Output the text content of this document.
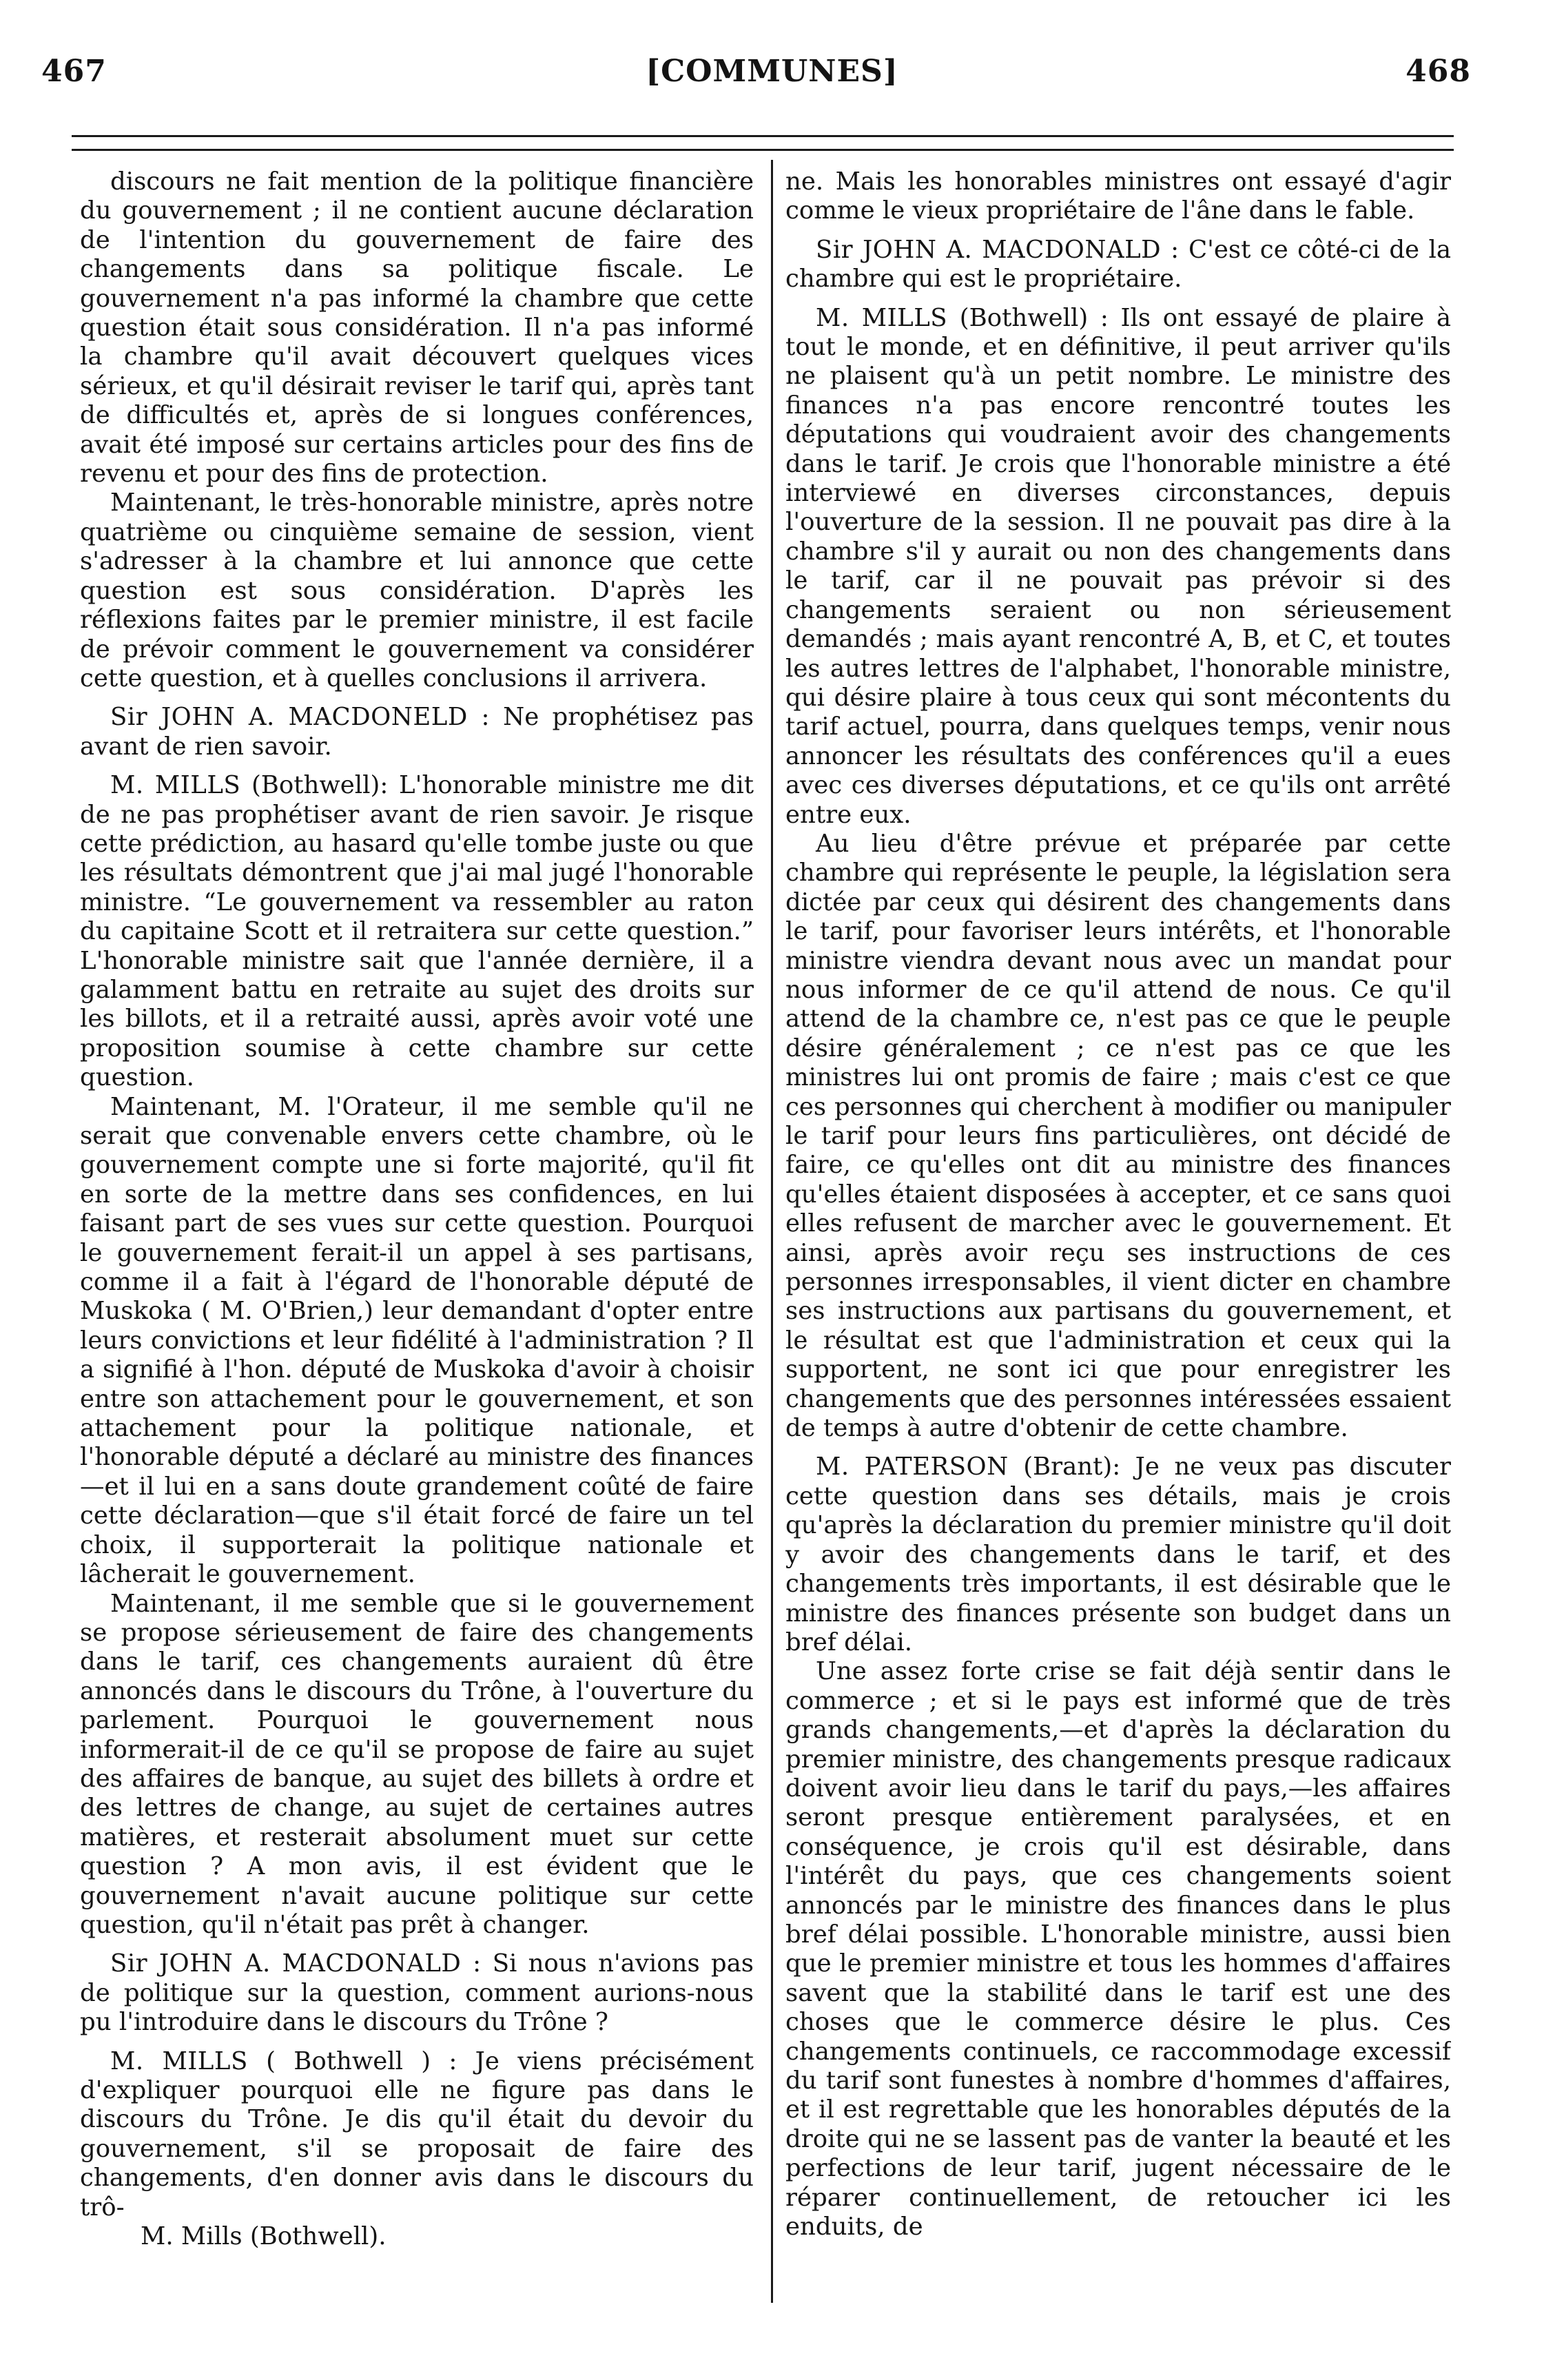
467	[COMMUNES]	468

discours ne fait mention de la politique financière du gouvernement ; il ne contient aucune déclaration de l'intention du gouvernement de faire des changements dans sa politique fiscale. Le gouvernement n'a pas informé la chambre que cette question était sous considération. Il n'a pas informé la chambre qu'il avait découvert quelques vices sérieux, et qu'il désirait reviser le tarif qui, après tant de difficultés et, après de si longues conférences, avait été imposé sur certains articles pour des fins de revenu et pour des fins de protection.

Maintenant, le très-honorable ministre, après notre quatrième ou cinquième semaine de session, vient s'adresser à la chambre et lui annonce que cette question est sous considération. D'après les réflexions faites par le premier ministre, il est facile de prévoir comment le gouvernement va considérer cette question, et à quelles conclusions il arrivera.

Sir JOHN A. MACDONELD : Ne prophétisez pas avant de rien savoir.

M. MILLS (Bothwell): L'honorable ministre me dit de ne pas prophétiser avant de rien savoir. Je risque cette prédiction, au hasard qu'elle tombe juste ou que les résultats démontrent que j'ai mal jugé l'honorable ministre. “Le gouvernement va ressembler au raton du capitaine Scott et il retraitera sur cette question.” L'honorable ministre sait que l'année dernière, il a galamment battu en retraite au sujet des droits sur les billots, et il a retraité aussi, après avoir voté une proposition soumise à cette chambre sur cette question.

Maintenant, M. l'Orateur, il me semble qu'il ne serait que convenable envers cette chambre, où le gouvernement compte une si forte majorité, qu'il fit en sorte de la mettre dans ses confidences, en lui faisant part de ses vues sur cette question. Pourquoi le gouvernement ferait-il un appel à ses partisans, comme il a fait à l'égard de l'honorable député de Muskoka ( M. O'Brien,) leur demandant d'opter entre leurs convictions et leur fidélité à l'administration ? Il a signifié à l'hon. député de Muskoka d'avoir à choisir entre son attachement pour le gouvernement, et son attachement pour la politique nationale, et l'honorable député a déclaré au ministre des finances—et il lui en a sans doute grandement coûté de faire cette déclaration—que s'il était forcé de faire un tel choix, il supporterait la politique nationale et lâcherait le gouvernement.

Maintenant, il me semble que si le gouvernement se propose sérieusement de faire des changements dans le tarif, ces changements auraient dû être annoncés dans le discours du Trône, à l'ouverture du parlement. Pourquoi le gouvernement nous informerait-il de ce qu'il se propose de faire au sujet des affaires de banque, au sujet des billets à ordre et des lettres de change, au sujet de certaines autres matières, et resterait absolument muet sur cette question ? A mon avis, il est évident que le gouvernement n'avait aucune politique sur cette question, qu'il n'était pas prêt à changer.

Sir JOHN A. MACDONALD : Si nous n'avions pas de politique sur la question, comment aurions-nous pu l'introduire dans le discours du Trône ?

M. MILLS ( Bothwell ) : Je viens précisément d'expliquer pourquoi elle ne figure pas dans le discours du Trône. Je dis qu'il était du devoir du gouvernement, s'il se proposait de faire des changements, d'en donner avis dans le discours du trô-

M. Mills (Bothwell).

ne. Mais les honorables ministres ont essayé d'agir comme le vieux propriétaire de l'âne dans le fable.

Sir JOHN A. MACDONALD : C'est ce côté-ci de la chambre qui est le propriétaire.

M. MILLS (Bothwell) : Ils ont essayé de plaire à tout le monde, et en définitive, il peut arriver qu'ils ne plaisent qu'à un petit nombre. Le ministre des finances n'a pas encore rencontré toutes les députations qui voudraient avoir des changements dans le tarif. Je crois que l'honorable ministre a été interviewé en diverses circonstances, depuis l'ouverture de la session. Il ne pouvait pas dire à la chambre s'il y aurait ou non des changements dans le tarif, car il ne pouvait pas prévoir si des changements seraient ou non sérieusement demandés ; mais ayant rencontré A, B, et C, et toutes les autres lettres de l'alphabet, l'honorable ministre, qui désire plaire à tous ceux qui sont mécontents du tarif actuel, pourra, dans quelques temps, venir nous annoncer les résultats des conférences qu'il a eues avec ces diverses députations, et ce qu'ils ont arrêté entre eux.

Au lieu d'être prévue et préparée par cette chambre qui représente le peuple, la législation sera dictée par ceux qui désirent des changements dans le tarif, pour favoriser leurs intérêts, et l'honorable ministre viendra devant nous avec un mandat pour nous informer de ce qu'il attend de nous. Ce qu'il attend de la chambre ce, n'est pas ce que le peuple désire généralement ; ce n'est pas ce que les ministres lui ont promis de faire ; mais c'est ce que ces personnes qui cherchent à modifier ou manipuler le tarif pour leurs fins particulières, ont décidé de faire, ce qu'elles ont dit au ministre des finances qu'elles étaient disposées à accepter, et ce sans quoi elles refusent de marcher avec le gouvernement. Et ainsi, après avoir reçu ses instructions de ces personnes irresponsables, il vient dicter en chambre ses instructions aux partisans du gouvernement, et le résultat est que l'administration et ceux qui la supportent, ne sont ici que pour enregistrer les changements que des personnes intéressées essaient de temps à autre d'obtenir de cette chambre.

M. PATERSON (Brant): Je ne veux pas discuter cette question dans ses détails, mais je crois qu'après la déclaration du premier ministre qu'il doit y avoir des changements dans le tarif, et des changements très importants, il est désirable que le ministre des finances présente son budget dans un bref délai.

Une assez forte crise se fait déjà sentir dans le commerce ; et si le pays est informé que de très grands changements,—et d'après la déclaration du premier ministre, des changements presque radicaux doivent avoir lieu dans le tarif du pays,—les affaires seront presque entièrement paralysées, et en conséquence, je crois qu'il est désirable, dans l'intérêt du pays, que ces changements soient annoncés par le ministre des finances dans le plus bref délai possible. L'honorable ministre, aussi bien que le premier ministre et tous les hommes d'affaires savent que la stabilité dans le tarif est une des choses que le commerce désire le plus. Ces changements continuels, ce raccommodage excessif du tarif sont funestes à nombre d'hommes d'affaires, et il est regrettable que les honorables députés de la droite qui ne se lassent pas de vanter la beauté et les perfections de leur tarif, jugent nécessaire de le réparer continuellement, de retoucher ici les enduits, de
